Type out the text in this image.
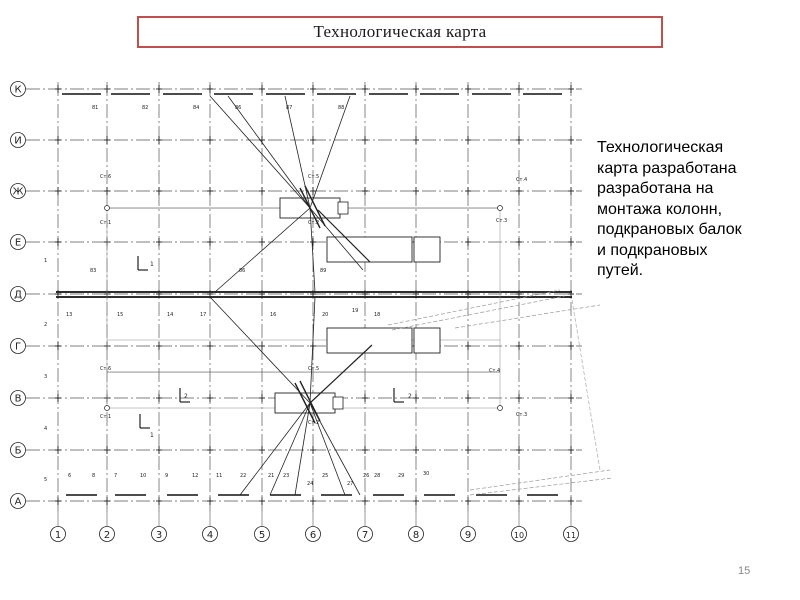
Технологическая карта
1	2	3	4	5	6	7	8	9	10	11
К
И
Ж
Е
Д
Г
В
Б
А
Ст.6	Ст.5	Ст.4
Ст.1	Ст.2	Ст.3
Ст.6	Ст.5	Ст.4
Ст.1
Ст.2
Ст.3
1
1
2	2
81	82	84	86	87	88
83	86	89
13	15	14	17	16	20
19
18
6	8	7	10	9	12	11	22	21 23
24
25
27
26 28	29	30
1
2
3
4
5
Технологическая
карта разработана
разработана на
монтажа колонн,
подкрановых балок
и подкрановых
путей.
15
